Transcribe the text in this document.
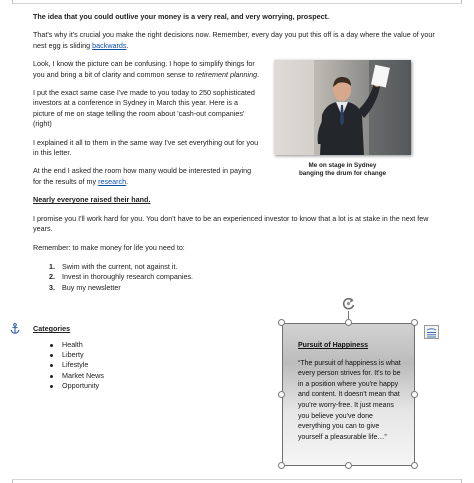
The idea that you could outlive your money is a very real, and very worrying, prospect.

That's why it's crucial you make the right decisions now. Remember, every day you put this off is a day where the value of your nest egg is sliding backwards.

Look, I know the picture can be confusing. I hope to simplify things for you and bring a bit of clarity and common sense to retirement planning.

I put the exact same case I've made to you today to 250 sophisticated investors at a conference in Sydney in March this year. Here is a picture of me on stage telling the room about 'cash-out companies' (right)

I explained it all to them in the same way I've set everything out for you in this letter.

At the end I asked the room how many would be interested in paying for the results of my research.

Nearly everyone raised their hand.

I promise you I'll work hard for you. You don't have to be an experienced investor to know that a lot is at stake in the next few years.

Remember: to make money for life you need to:

1. Swim with the current, not against it.
2. Invest in thoroughly research companies.
3. Buy my newsletter

Categories

Health
Liberty
Lifestyle
Market News
Opportunity
Me on stage in Sydney
banging the drum for change
Pursuit of Happiness
“The pursuit of happiness is what every person strives for. It's to be in a position where you're happy and content. It doesn't mean that you're worry-free. It just means you believe you've done everything you can to give yourself a pleasurable life…”
